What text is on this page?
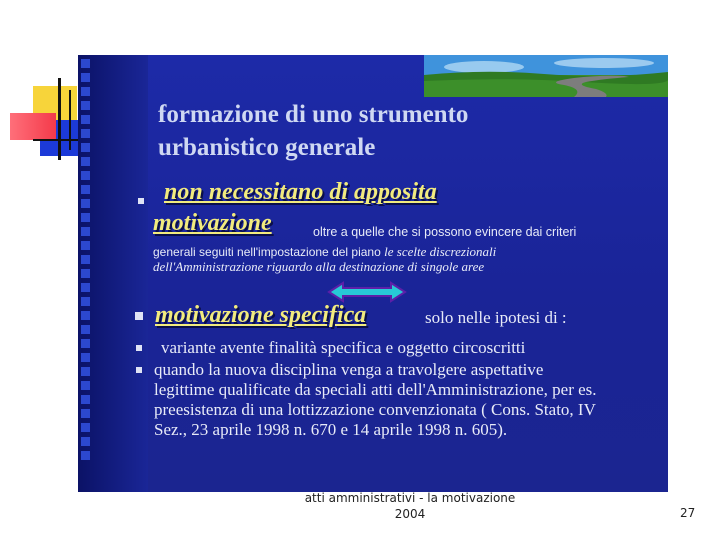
formazione di uno strumento
urbanistico generale
non necessitano di apposita
motivazione	oltre a quelle che si possono evincere dai criteri
generali seguiti nell'impostazione del piano le scelte discrezionali
dell'Amministrazione riguardo alla destinazione di singole aree
motivazione specifica	solo nelle ipotesi di :
variante avente finalità specifica e oggetto circoscritti
quando la nuova disciplina venga a travolgere aspettative
legittime qualificate da speciali atti dell'Amministrazione, per es.
preesistenza di una lottizzazione convenzionata ( Cons. Stato, IV
Sez., 23 aprile 1998 n. 670 e 14 aprile 1998 n. 605).
atti amministrativi - la motivazione
2004	27
